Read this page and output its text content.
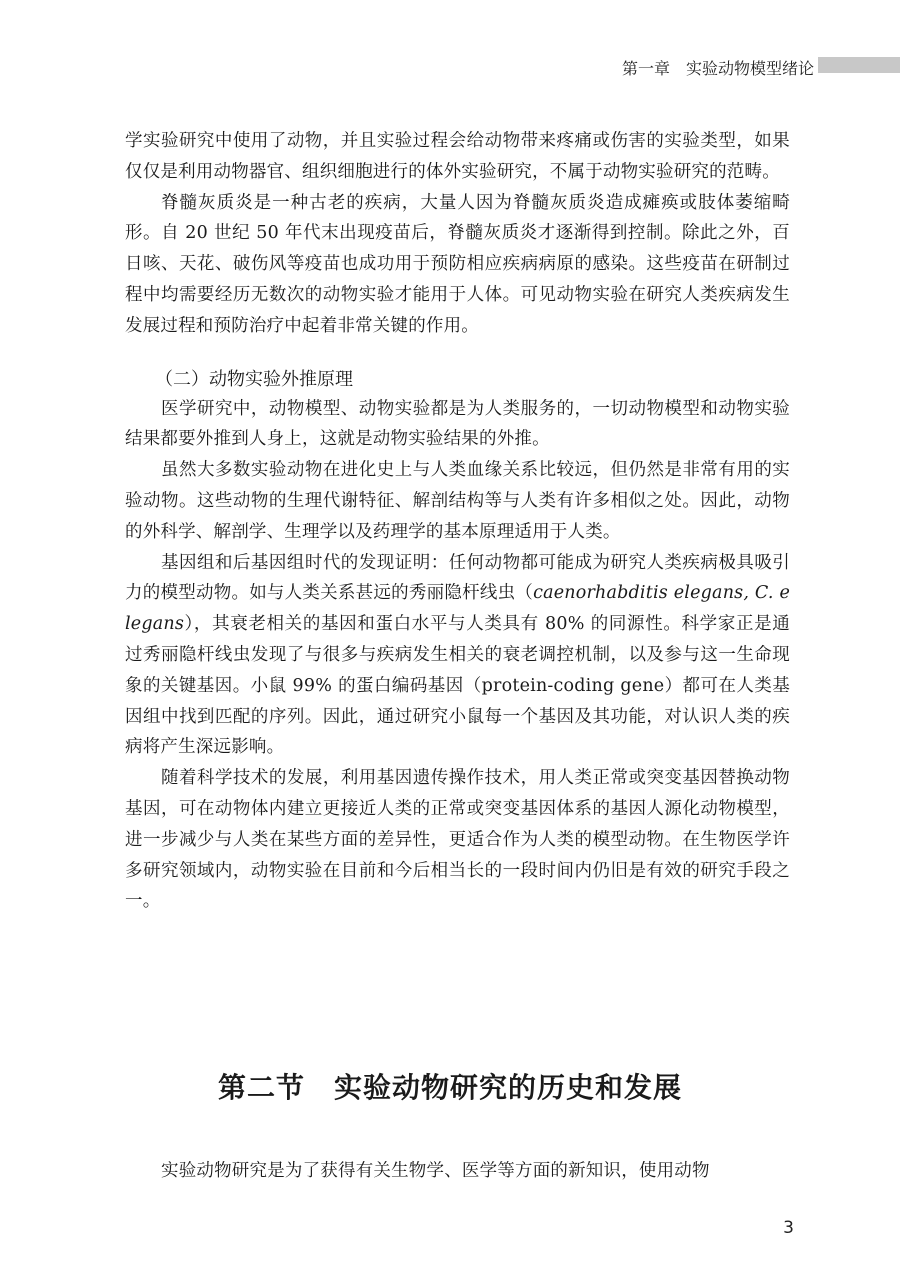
第一章　实验动物模型绪论

学实验研究中使用了动物，并且实验过程会给动物带来疼痛或伤害的实验类型，如果仅仅是利用动物器官、组织细胞进行的体外实验研究，不属于动物实验研究的范畴。

脊髓灰质炎是一种古老的疾病，大量人因为脊髓灰质炎造成瘫痪或肢体萎缩畸形。自 20 世纪 50 年代末出现疫苗后，脊髓灰质炎才逐渐得到控制。除此之外，百日咳、天花、破伤风等疫苗也成功用于预防相应疾病病原的感染。这些疫苗在研制过程中均需要经历无数次的动物实验才能用于人体。可见动物实验在研究人类疾病发生发展过程和预防治疗中起着非常关键的作用。

（二）动物实验外推原理

医学研究中，动物模型、动物实验都是为人类服务的，一切动物模型和动物实验结果都要外推到人身上，这就是动物实验结果的外推。

虽然大多数实验动物在进化史上与人类血缘关系比较远，但仍然是非常有用的实验动物。这些动物的生理代谢特征、解剖结构等与人类有许多相似之处。因此，动物的外科学、解剖学、生理学以及药理学的基本原理适用于人类。

基因组和后基因组时代的发现证明：任何动物都可能成为研究人类疾病极具吸引力的模型动物。如与人类关系甚远的秀丽隐杆线虫（caenorhabditis elegans, C. elegans），其衰老相关的基因和蛋白水平与人类具有 80% 的同源性。科学家正是通过秀丽隐杆线虫发现了与很多与疾病发生相关的衰老调控机制，以及参与这一生命现象的关键基因。小鼠 99% 的蛋白编码基因（protein-coding gene）都可在人类基因组中找到匹配的序列。因此，通过研究小鼠每一个基因及其功能，对认识人类的疾病将产生深远影响。

随着科学技术的发展，利用基因遗传操作技术，用人类正常或突变基因替换动物基因，可在动物体内建立更接近人类的正常或突变基因体系的基因人源化动物模型，进一步减少与人类在某些方面的差异性，更适合作为人类的模型动物。在生物医学许多研究领域内，动物实验在目前和今后相当长的一段时间内仍旧是有效的研究手段之一。

第二节　实验动物研究的历史和发展
实验动物研究是为了获得有关生物学、医学等方面的新知识，使用动物
3
